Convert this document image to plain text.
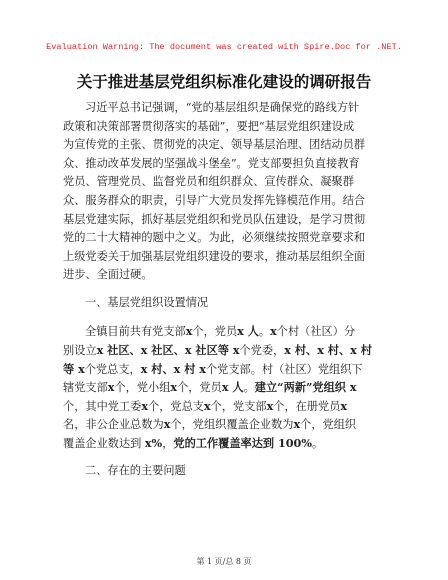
Evaluation Warning: The document was created with Spire.Doc for .NET.
关于推进基层党组织标准化建设的调研报告
习近平总书记强调，“党的基层组织是确保党的路线方针
政策和决策部署贯彻落实的基础”，要把“基层党组织建设成
为宣传党的主张、贯彻党的决定、领导基层治理、团结动员群
众、推动改革发展的坚强战斗堡垒”。党支部要担负直接教育
党员、管理党员、监督党员和组织群众、宣传群众、凝聚群
众、服务群众的职责，引导广大党员发挥先锋模范作用。结合
基层党建实际，抓好基层党组织和党员队伍建设，是学习贯彻
党的二十大精神的题中之义。为此，必须继续按照党章要求和
上级党委关于加强基层党组织建设的要求，推动基层组织全面
进步、全面过硬。
一、基层党组织设置情况
全镇目前共有党支部x个，党员x 人。x个村（社区）分
别设立x 社区、x 社区、x 社区等 x个党委，x 村、x 村、x 村
等 x个党总支，x 村、x 村 x个党支部。村（社区）党组织下
辖党支部x个，党小组x个，党员x 人。建立“两新”党组织 x
个，其中党工委x个，党总支x个，党支部x个，在册党员x
名，非公企业总数为x个，党组织覆盖企业数为x个，党组织
覆盖企业数达到 x%，党的工作覆盖率达到 100%。
二、存在的主要问题
第 1 页/总 8 页
